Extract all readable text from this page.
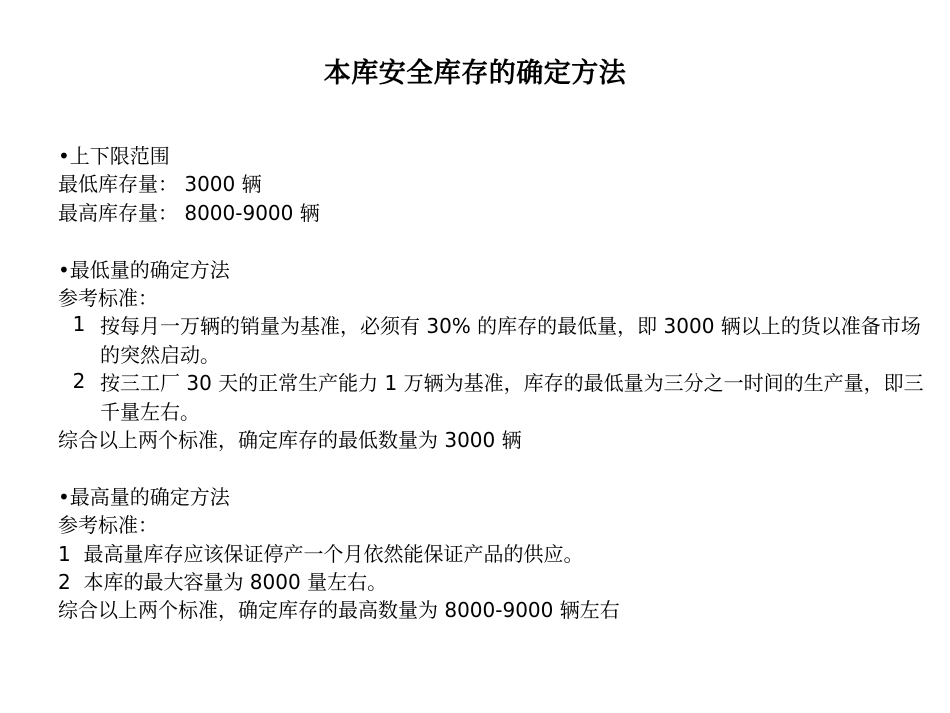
本库安全库存的确定方法
•上下限范围
最低库存量： 3000 辆
最高库存量： 8000-9000 辆
•最低量的确定方法
参考标准：
1 按每月一万辆的销量为基准，必须有 30% 的库存的最低量，即 3000 辆以上的货以准备市场的突然启动。
2 按三工厂 30 天的正常生产能力 1 万辆为基准，库存的最低量为三分之一时间的生产量，即三千量左右。
综合以上两个标准，确定库存的最低数量为 3000 辆
•最高量的确定方法
参考标准：
1 最高量库存应该保证停产一个月依然能保证产品的供应。
2 本库的最大容量为 8000 量左右。
综合以上两个标准，确定库存的最高数量为 8000-9000 辆左右
